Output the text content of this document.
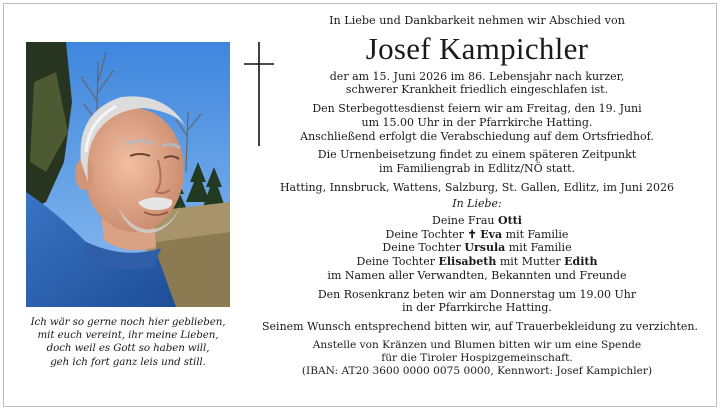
Ich wär so gerne noch hier geblieben,
mit euch vereint, ihr meine Lieben,
doch weil es Gott so haben will,
geh ich fort ganz leis und still.
In Liebe und Dankbarkeit nehmen wir Abschied von
Josef Kampichler
der am 15. Juni 2026 im 86. Lebensjahr nach kurzer,
schwerer Krankheit friedlich eingeschlafen ist.
Den Sterbegottesdienst feiern wir am Freitag, den 19. Juni
um 15.00 Uhr in der Pfarrkirche Hatting.
Anschließend erfolgt die Verabschiedung auf dem Ortsfriedhof.
Die Urnenbeisetzung findet zu einem späteren Zeitpunkt
im Familiengrab in Edlitz/NÖ statt.
Hatting, Innsbruck, Wattens, Salzburg, St. Gallen, Edlitz, im Juni 2026
In Liebe:
Deine Frau Otti
Deine Tochter ✝ Eva mit Familie
Deine Tochter Ursula mit Familie
Deine Tochter Elisabeth mit Mutter Edith
im Namen aller Verwandten, Bekannten und Freunde
Den Rosenkranz beten wir am Donnerstag um 19.00 Uhr
in der Pfarrkirche Hatting.
Seinem Wunsch entsprechend bitten wir, auf Trauerbekleidung zu verzichten.
Anstelle von Kränzen und Blumen bitten wir um eine Spende
für die Tiroler Hospizgemeinschaft.
(IBAN: AT20 3600 0000 0075 0000, Kennwort: Josef Kampichler)
